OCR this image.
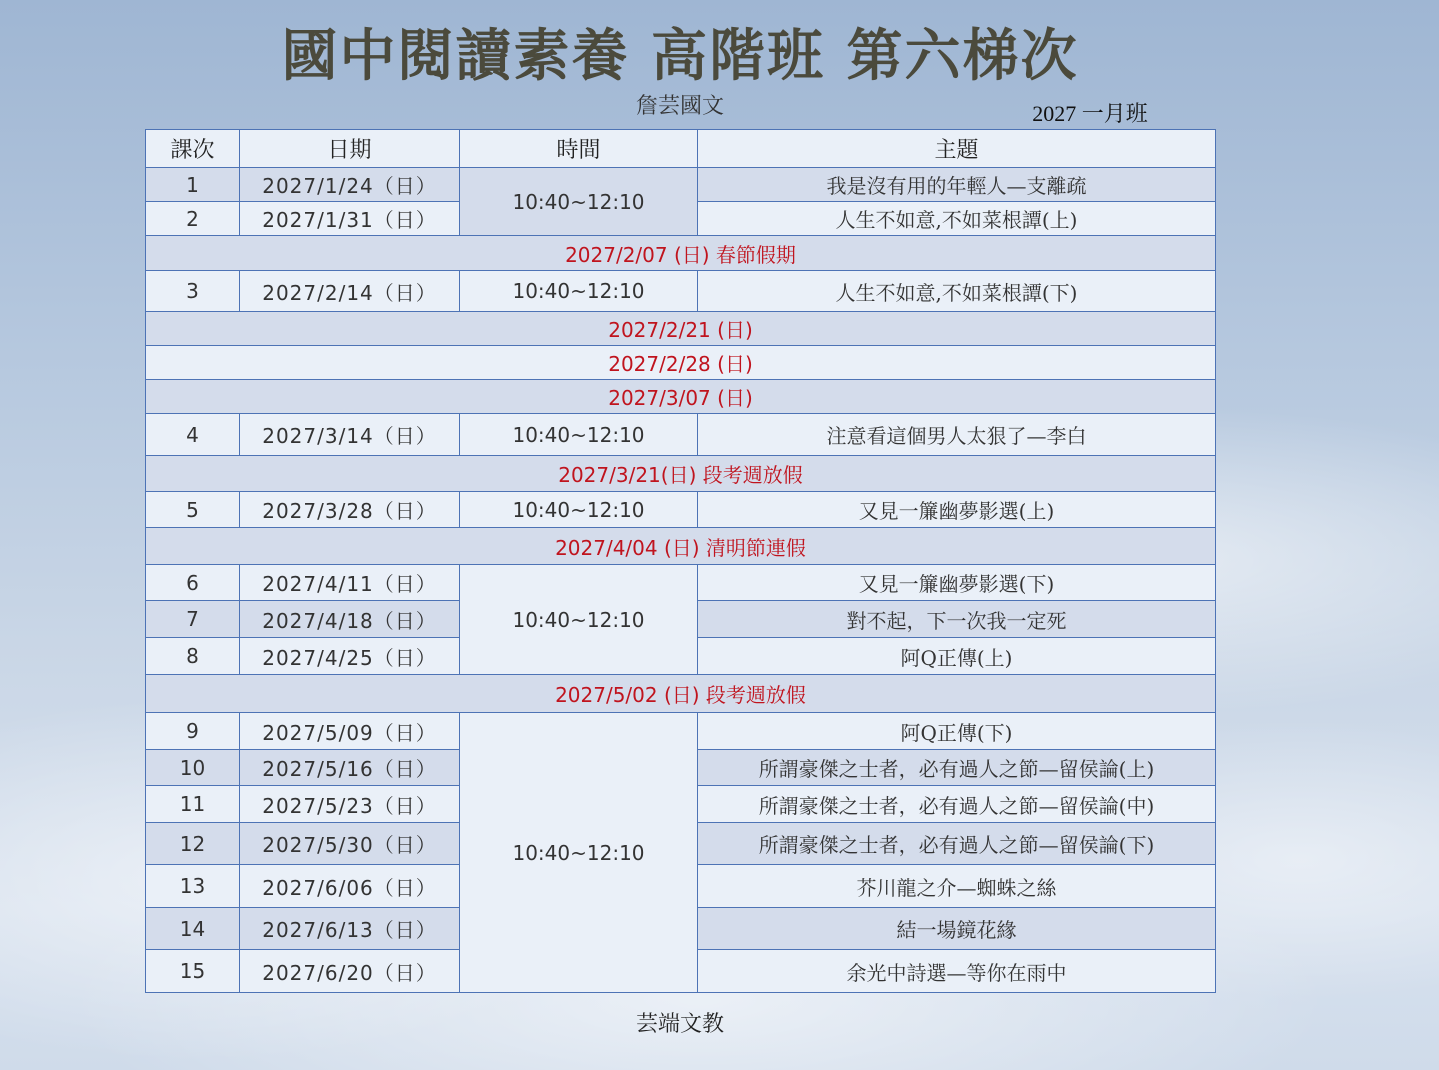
國中閱讀素養 高階班 第六梯次
詹芸國文	2027 一月班
課次	日期	時間	主題
1	2027/1/24（日）	10:40~12:10	我是沒有用的年輕人—支離疏
2	2027/1/31（日）		人生不如意,不如菜根譚(上)
2027/2/07 (日) 春節假期			
3	2027/2/14（日）	10:40~12:10	人生不如意,不如菜根譚(下)
2027/2/21 (日)			
2027/2/28 (日)			
2027/3/07 (日)			
4	2027/3/14（日）	10:40~12:10	注意看這個男人太狠了—李白
2027/3/21(日) 段考週放假			
5	2027/3/28（日）	10:40~12:10	又見一簾幽夢影選(上)
2027/4/04 (日) 清明節連假			
6	2027/4/11（日）	10:40~12:10	又見一簾幽夢影選(下)
7	2027/4/18（日）		對不起，下一次我一定死
8	2027/4/25（日）		阿Q正傳(上)
2027/5/02 (日) 段考週放假			
9	2027/5/09（日）	10:40~12:10	阿Q正傳(下)
10	2027/5/16（日）		所謂豪傑之士者，必有過人之節—留侯論(上)
11	2027/5/23（日）		所謂豪傑之士者，必有過人之節—留侯論(中)
12	2027/5/30（日）		所謂豪傑之士者，必有過人之節—留侯論(下)
13	2027/6/06（日）		芥川龍之介—蜘蛛之絲
14	2027/6/13（日）		結一場鏡花緣
15	2027/6/20（日）		余光中詩選—等你在雨中
芸端文教
